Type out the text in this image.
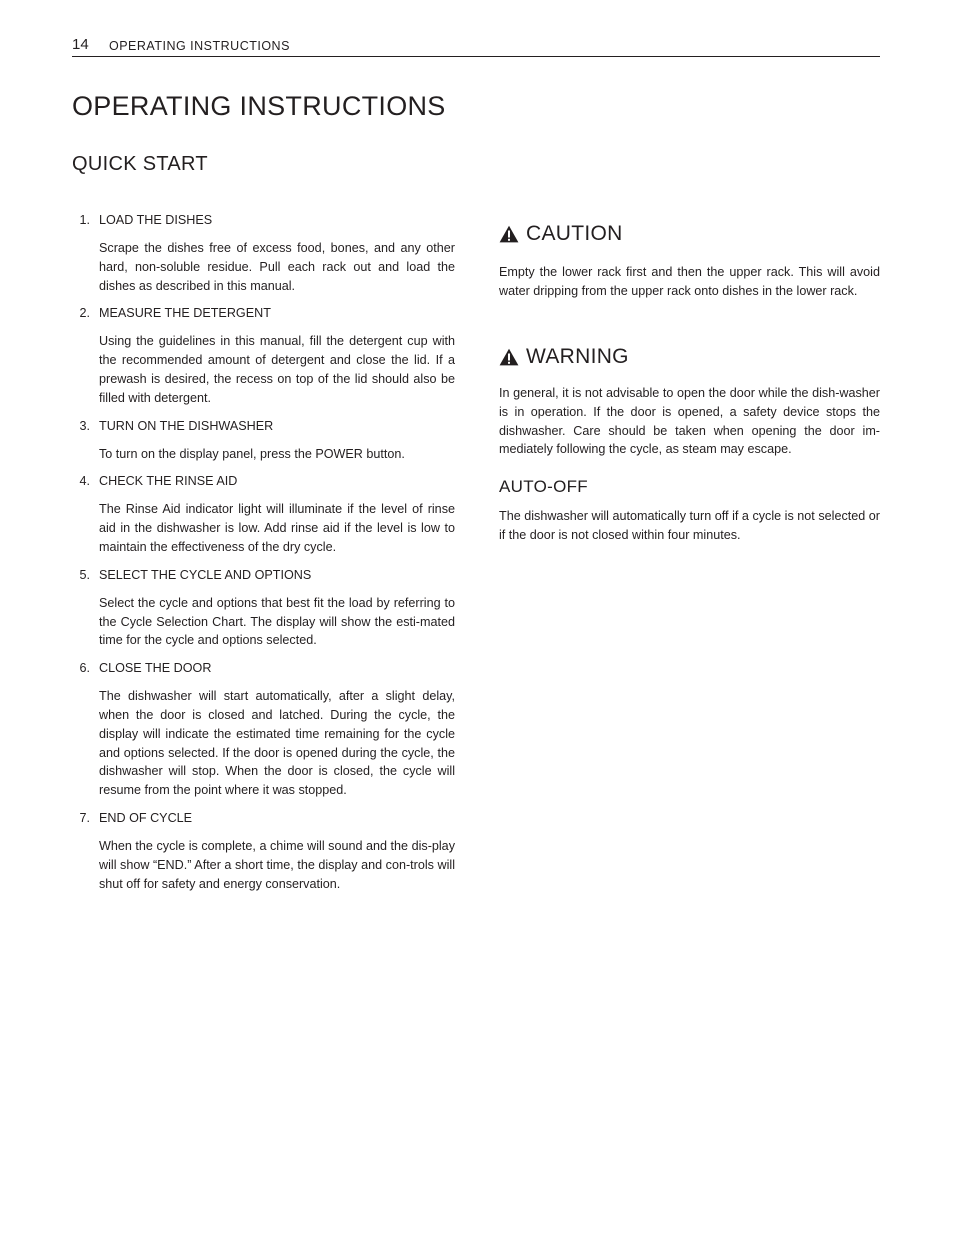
14 OPERATING INSTRUCTIONS
OPERATING INSTRUCTIONS
QUICK START
1. LOAD THE DISHES
Scrape the dishes free of excess food, bones, and any other hard, non-soluble residue. Pull each rack out and load the dishes as described in this manual.
2. MEASURE THE DETERGENT
Using the guidelines in this manual, fill the detergent cup with the recommended amount of detergent and close the lid. If a prewash is desired, the recess on top of the lid should also be filled with detergent.
3. TURN ON THE DISHWASHER
To turn on the display panel, press the POWER button.
4. CHECK THE RINSE AID
The Rinse Aid indicator light will illuminate if the level of rinse aid in the dishwasher is low. Add rinse aid if the level is low to maintain the effectiveness of the dry cycle.
5. SELECT THE CYCLE AND OPTIONS
Select the cycle and options that best fit the load by referring to the Cycle Selection Chart. The display will show the esti-mated time for the cycle and options selected.
6. CLOSE THE DOOR
The dishwasher will start automatically, after a slight delay, when the door is closed and latched. During the cycle, the display will indicate the estimated time remaining for the cycle and options selected. If the door is opened during the cycle, the dishwasher will stop. When the door is closed, the cycle will resume from the point where it was stopped.
7. END OF CYCLE
When the cycle is complete, a chime will sound and the dis-play will show “END.” After a short time, the display and con-trols will shut off for safety and energy conservation.
CAUTION

Empty the lower rack first and then the upper rack. This will avoid water dripping from the upper rack onto dishes in the lower rack.

WARNING

In general, it is not advisable to open the door while the dish-washer is in operation. If the door is opened, a safety device stops the dishwasher. Care should be taken when opening the door im-mediately following the cycle, as steam may escape.

AUTO-OFF

The dishwasher will automatically turn off if a cycle is not selected or if the door is not closed within four minutes.
